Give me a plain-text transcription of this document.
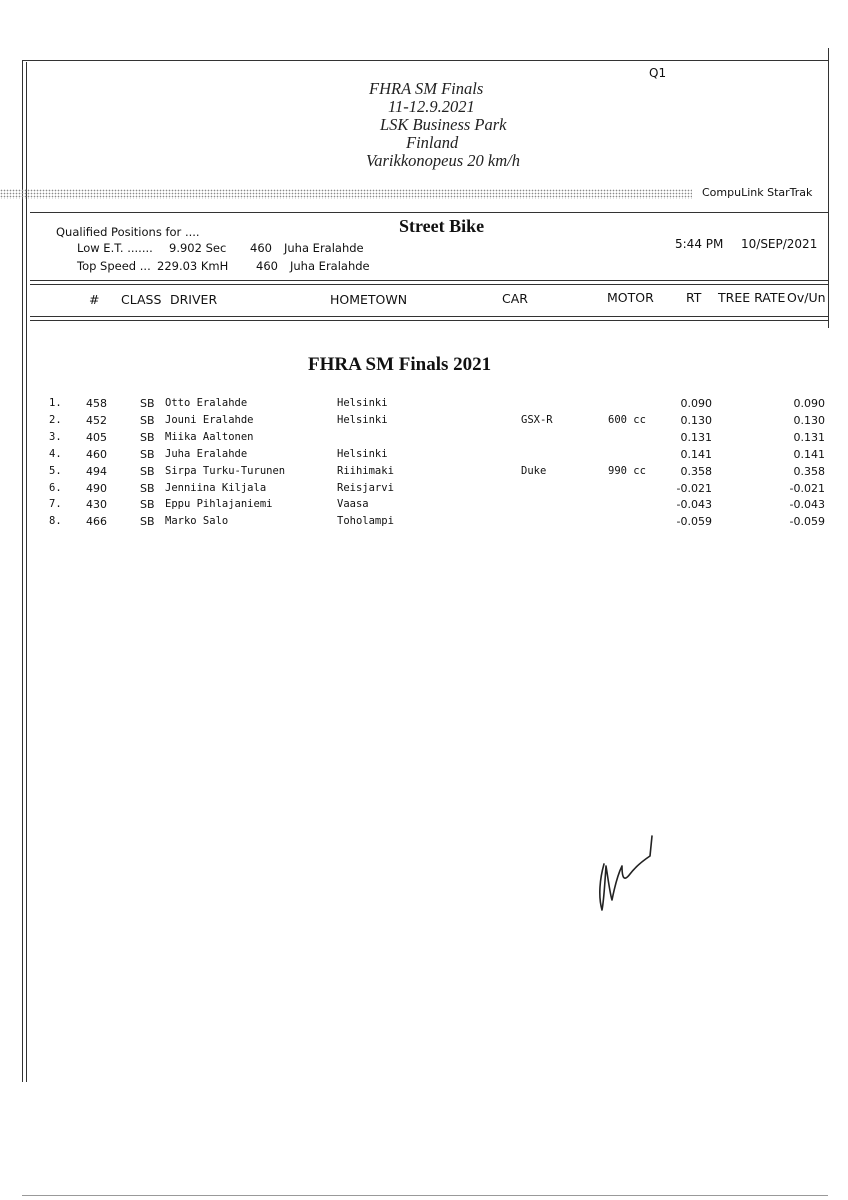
Q1
FHRA SM Finals
11-12.9.2021
LSK Business Park
Finland
Varikkonopeus 20 km/h
CompuLink StarTrak
Qualified Positions for ....
Low E.T. ....... 9.902 Sec 460 Juha Eralahde
Top Speed ... 229.03 KmH 460 Juha Eralahde
Street Bike
5:44 PM 10/SEP/2021
# CLASS DRIVER	HOMETOWN	CAR	MOTOR	RT TREE RATE Ov/Un
FHRA SM Finals 2021
1. 458	SB Otto Eralahde	Helsinki	0.090	0.090
2. 452	SB Jouni Eralahde	Helsinki	GSX-R	600 cc	0.130	0.130
3. 405	SB Miika Aaltonen	0.131	0.131
4. 460	SB Juha Eralahde	Helsinki	0.141	0.141
5. 494	SB Sirpa Turku-Turunen	Riihimaki	Duke	990 cc	0.358	0.358
6. 490	SB Jenniina Kiljala	Reisjarvi	-0.021	-0.021
7. 430	SB Eppu Pihlajaniemi	Vaasa	-0.043	-0.043
8. 466	SB Marko Salo	Toholampi	-0.059	-0.059
